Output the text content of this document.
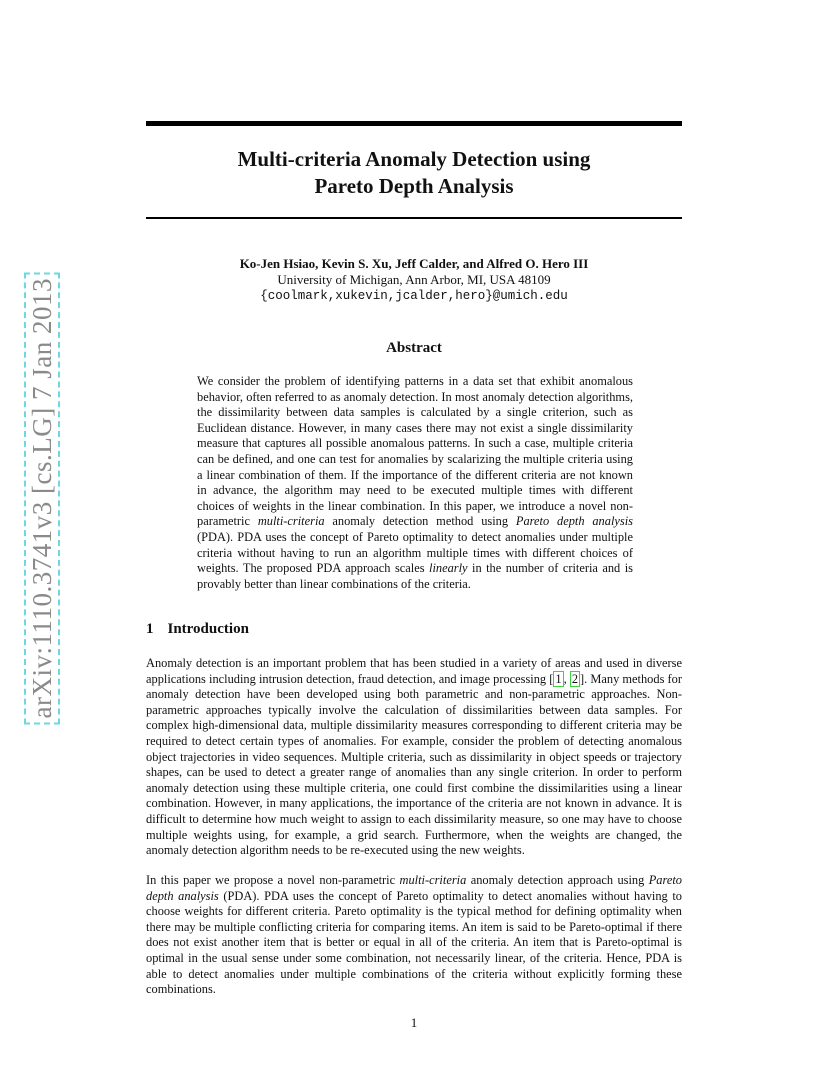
arXiv:1110.3741v3 [cs.LG] 7 Jan 2013
Multi-criteria Anomaly Detection using
Pareto Depth Analysis
Ko-Jen Hsiao, Kevin S. Xu, Jeff Calder, and Alfred O. Hero III
University of Michigan, Ann Arbor, MI, USA 48109
{coolmark,xukevin,jcalder,hero}@umich.edu
Abstract

We consider the problem of identifying patterns in a data set that exhibit anomalous behavior, often referred to as anomaly detection. In most anomaly detection algorithms, the dissimilarity between data samples is calculated by a single criterion, such as Euclidean distance. However, in many cases there may not exist a single dissimilarity measure that captures all possible anomalous patterns. In such a case, multiple criteria can be defined, and one can test for anomalies by scalarizing the multiple criteria using a linear combination of them. If the importance of the different criteria are not known in advance, the algorithm may need to be executed multiple times with different choices of weights in the linear combination. In this paper, we introduce a novel non-parametric multi-criteria anomaly detection method using Pareto depth analysis (PDA). PDA uses the concept of Pareto optimality to detect anomalies under multiple criteria without having to run an algorithm multiple times with different choices of weights. The proposed PDA approach scales linearly in the number of criteria and is provably better than linear combinations of the criteria.

1 Introduction

Anomaly detection is an important problem that has been studied in a variety of areas and used in diverse applications including intrusion detection, fraud detection, and image processing [ 1 , 2 ]. Many methods for anomaly detection have been developed using both parametric and non-parametric approaches. Non-parametric approaches typically involve the calculation of dissimilarities between data samples. For complex high-dimensional data, multiple dissimilarity measures corresponding to different criteria may be required to detect certain types of anomalies. For example, consider the problem of detecting anomalous object trajectories in video sequences. Multiple criteria, such as dissimilarity in object speeds or trajectory shapes, can be used to detect a greater range of anomalies than any single criterion. In order to perform anomaly detection using these multiple criteria, one could first combine the dissimilarities using a linear combination. However, in many applications, the importance of the criteria are not known in advance. It is difficult to determine how much weight to assign to each dissimilarity measure, so one may have to choose multiple weights using, for example, a grid search. Furthermore, when the weights are changed, the anomaly detection algorithm needs to be re-executed using the new weights.

In this paper we propose a novel non-parametric multi-criteria anomaly detection approach using Pareto depth analysis (PDA). PDA uses the concept of Pareto optimality to detect anomalies without having to choose weights for different criteria. Pareto optimality is the typical method for defining optimality when there may be multiple conflicting criteria for comparing items. An item is said to be Pareto-optimal if there does not exist another item that is better or equal in all of the criteria. An item that is Pareto-optimal is optimal in the usual sense under some combination, not necessarily linear, of the criteria. Hence, PDA is able to detect anomalies under multiple combinations of the criteria without explicitly forming these combinations.

1
